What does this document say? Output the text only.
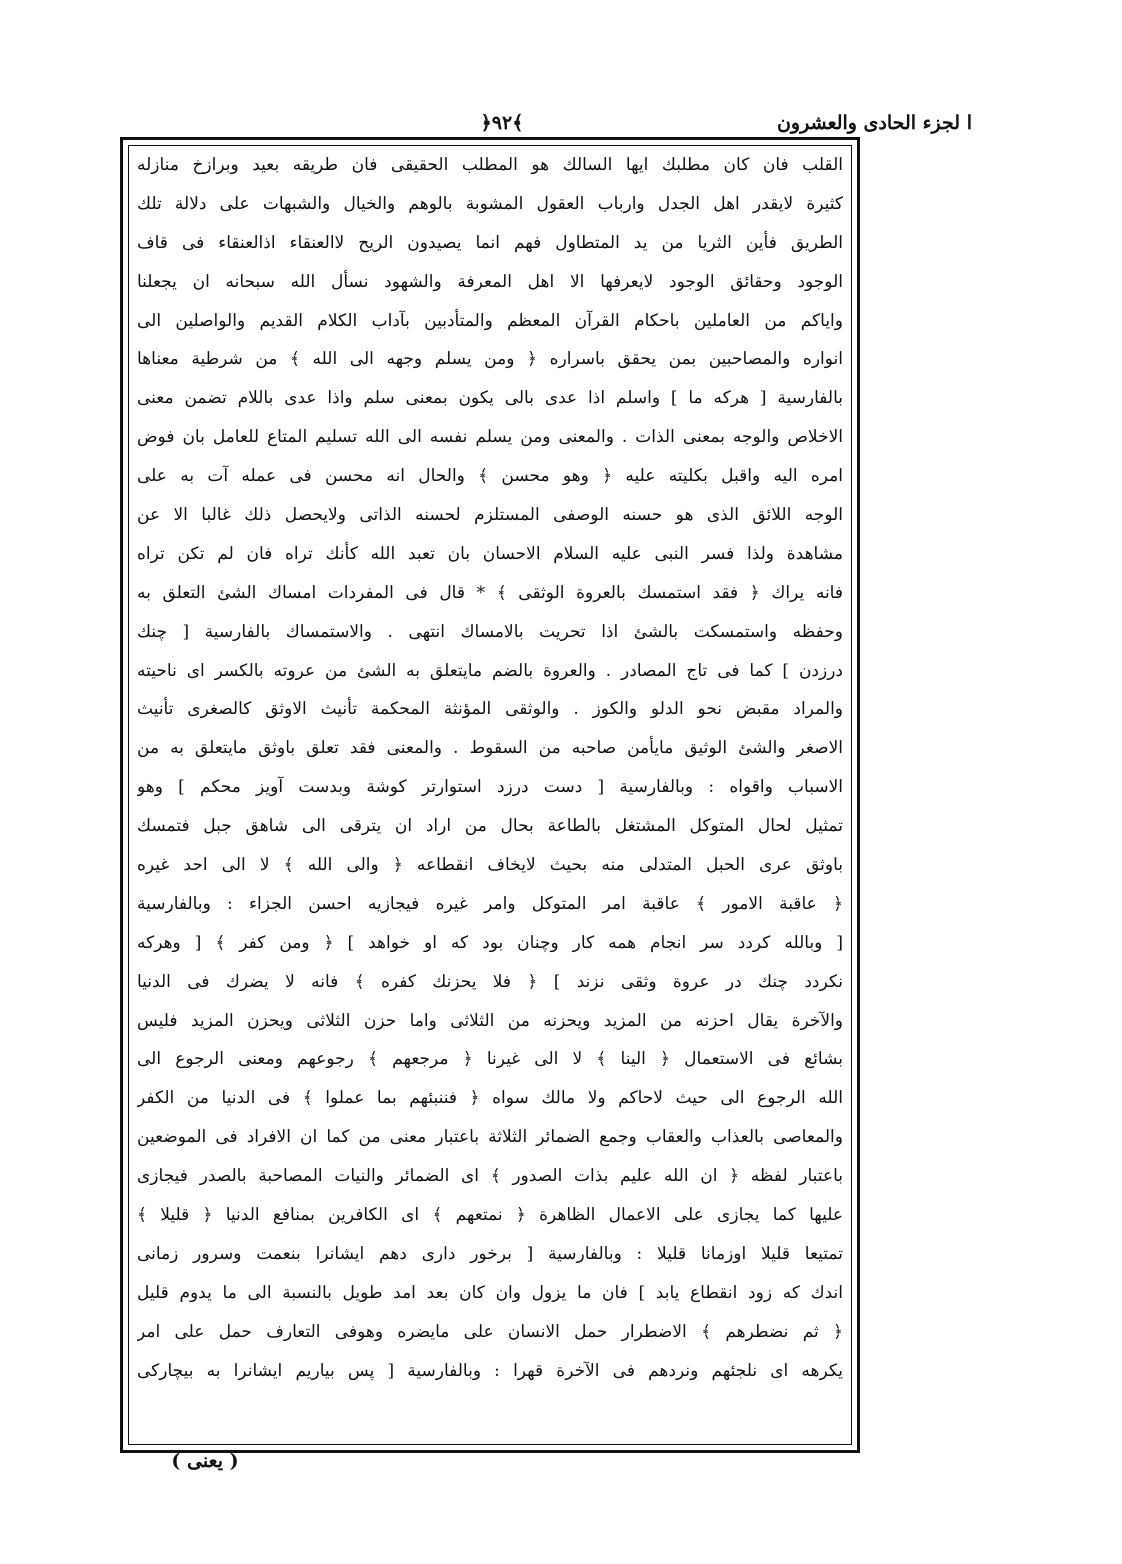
ا لجزء الحادى والعشرون
﴿٩٢﴾
القلب فان كان مطلبك ايها السالك هو المطلب الحقيقى فان طريقه بعيد وبرازخ منازله
كثيرة لايقدر اهل الجدل وارباب العقول المشوبة بالوهم والخيال والشبهات على دلالة تلك
الطريق فأين الثريا من يد المتطاول فهم انما يصيدون الريح لاالعنقاء اذالعنقاء فى قاف
الوجود وحقائق الوجود لايعرفها الا اهل المعرفة والشهود نسأل الله سبحانه ان يجعلنا
واياكم من العاملين باحكام القرآن المعظم والمتأدبين بآداب الكلام القديم والواصلين الى
انواره والمصاحبين بمن يحقق باسراره ﴿ ومن يسلم وجهه الى الله ﴾ من شرطية معناها
بالفارسية [ هركه ما ] واسلم اذا عدى بالى يكون بمعنى سلم واذا عدى باللام تضمن معنى
الاخلاص والوجه بمعنى الذات . والمعنى ومن يسلم نفسه الى الله تسليم المتاع للعامل بان فوض
امره اليه واقبل بكليته عليه ﴿ وهو محسن ﴾ والحال انه محسن فى عمله آت به على
الوجه اللائق الذى هو حسنه الوصفى المستلزم لحسنه الذاتى ولايحصل ذلك غالبا الا عن
مشاهدة ولذا فسر النبى عليه السلام الاحسان بان تعبد الله كأنك تراه فان لم تكن تراه
فانه يراك ﴿ فقد استمسك بالعروة الوثقى ﴾ * قال فى المفردات امساك الشئ التعلق به
وحفظه واستمسكت بالشئ اذا تحريت بالامساك انتهى . والاستمساك بالفارسية [ چنك
درزدن ] كما فى تاج المصادر . والعروة بالضم مايتعلق به الشئ من عروته بالكسر اى ناحيته
والمراد مقبض نحو الدلو والكوز . والوثقى المؤنثة المحكمة تأنيث الاوثق كالصغرى تأنيث
الاصغر والشئ الوثيق مايأمن صاحبه من السقوط . والمعنى فقد تعلق باوثق مايتعلق به من
الاسباب واقواه : وبالفارسية [ دست درزد استوارتر كوشة وبدست آويز محكم ] وهو
تمثيل لحال المتوكل المشتغل بالطاعة بحال من اراد ان يترقى الى شاهق جبل فتمسك
باوثق عرى الحبل المتدلى منه بحيث لايخاف انقطاعه ﴿ والى الله ﴾ لا الى احد غيره
﴿ عاقبة الامور ﴾ عاقبة امر المتوكل وامر غيره فيجازيه احسن الجزاء : وبالفارسية
[ وبالله كردد سر انجام همه كار وچنان بود كه او خواهد ] ﴿ ومن كفر ﴾ [ وهركه
نكردد چنك در عروة وثقى نزند ] ﴿ فلا يحزنك كفره ﴾ فانه لا يضرك فى الدنيا
والآخرة يقال احزنه من المزيد ويحزنه من الثلاثى واما حزن الثلاثى ويحزن المزيد فليس
بشائع فى الاستعمال ﴿ الينا ﴾ لا الى غيرنا ﴿ مرجعهم ﴾ رجوعهم ومعنى الرجوع الى
الله الرجوع الى حيث لاحاكم ولا مالك سواه ﴿ فننبئهم بما عملوا ﴾ فى الدنيا من الكفر
والمعاصى بالعذاب والعقاب وجمع الضمائر الثلاثة باعتبار معنى من كما ان الافراد فى الموضعين
باعتبار لفظه ﴿ ان الله عليم بذات الصدور ﴾ اى الضمائر والنيات المصاحبة بالصدر فيجازى
عليها كما يجازى على الاعمال الظاهرة ﴿ نمتعهم ﴾ اى الكافرين بمنافع الدنيا ﴿ قليلا ﴾
تمتيعا قليلا اوزمانا قليلا : وبالفارسية [ برخور دارى دهم ايشانرا بنعمت وسرور زمانى
اندك كه زود انقطاع يابد ] فان ما يزول وان كان بعد امد طويل بالنسبة الى ما يدوم قليل
﴿ ثم نضطرهم ﴾ الاضطرار حمل الانسان على مايضره وهوفى التعارف حمل على امر
يكرهه اى نلجئهم ونردهم فى الآخرة قهرا : وبالفارسية [ پس بياريم ايشانرا به بيچاركى
( يعنى )
